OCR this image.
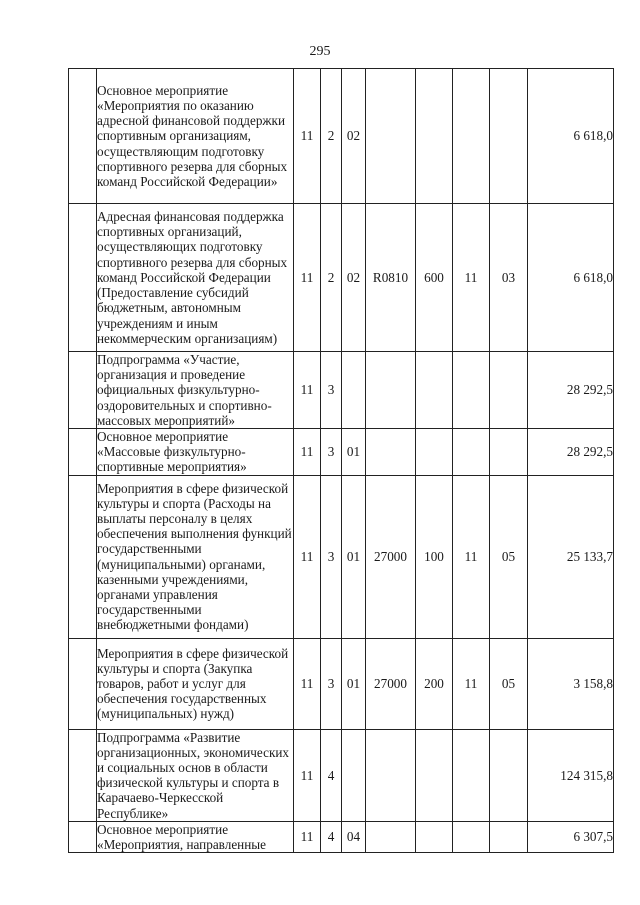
295
	Основное мероприятие «Мероприятия по оказанию адресной финансовой поддержки спортивным организациям, осуществляющим подготовку спортивного резерва для сборных команд Российской Федерации»	11	2	02					6 618,0
	Адресная финансовая поддержка спортивных организаций, осуществляющих подготовку спортивного резерва для сборных команд Российской Федерации (Предоставление субсидий бюджетным, автономным учреждениям и иным некоммерческим организациям)	11	2	02	R0810	600	11	03	6 618,0
	Подпрограмма «Участие, организация и проведение официальных физкультурно-оздоровительных и спортивно-массовых мероприятий»	11	3						28 292,5
	Основное мероприятие «Массовые физкультурно-спортивные мероприятия»	11	3	01					28 292,5
	Мероприятия в сфере физической культуры и спорта (Расходы на выплаты персоналу в целях обеспечения выполнения функций государственными (муниципальными) органами, казенными учреждениями, органами управления государственными внебюджетными фондами)	11	3	01	27000	100	11	05	25 133,7
	Мероприятия в сфере физической культуры и спорта (Закупка товаров, работ и услуг для обеспечения государственных (муниципальных) нужд)	11	3	01	27000	200	11	05	3 158,8
	Подпрограмма «Развитие организационных, экономических и социальных основ в области физической культуры и спорта в Карачаево-Черкесской Республике»	11	4						124 315,8
	Основное мероприятие «Мероприятия, направленные	11	4	04					6 307,5
